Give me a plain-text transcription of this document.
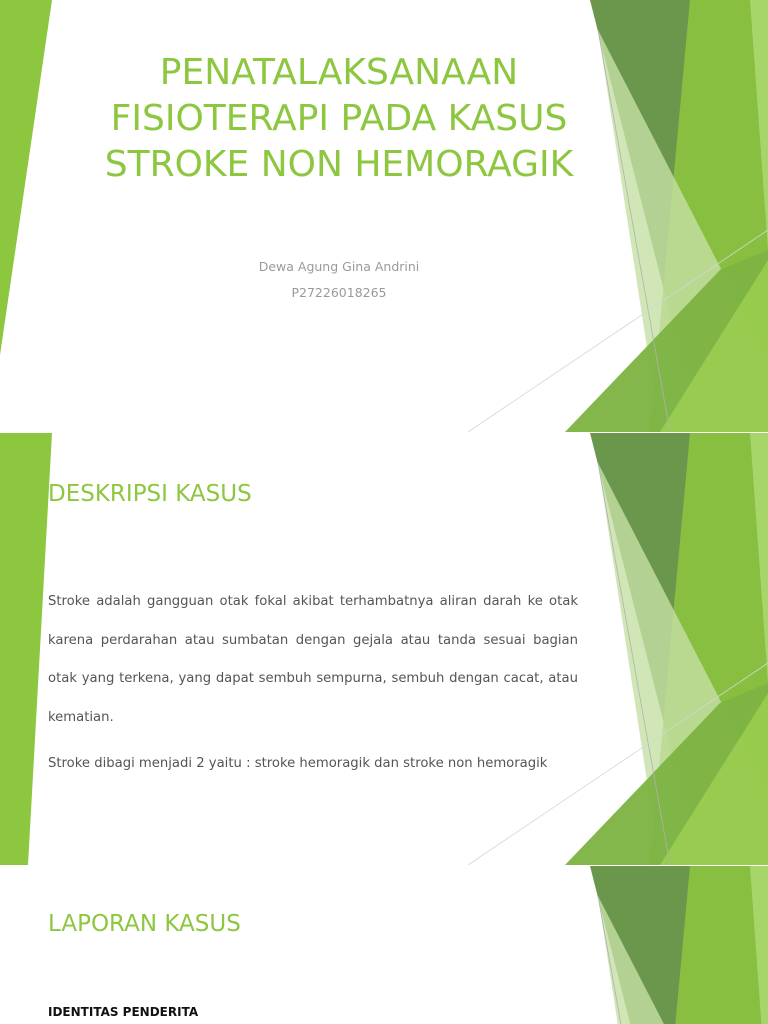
PENATALAKSANAAN FISIOTERAPI PADA KASUS STROKE NON HEMORAGIK

Dewa Agung Gina Andrini

P27226018265

DESKRIPSI KASUS

Stroke adalah gangguan otak fokal akibat terhambatnya aliran darah ke otak karena perdarahan atau sumbatan dengan gejala atau tanda sesuai bagian otak yang terkena, yang dapat sembuh sempurna, sembuh dengan cacat, atau kematian.

Stroke dibagi menjadi 2 yaitu : stroke hemoragik dan stroke non hemoragik

LAPORAN KASUS

IDENTITAS PENDERITA
